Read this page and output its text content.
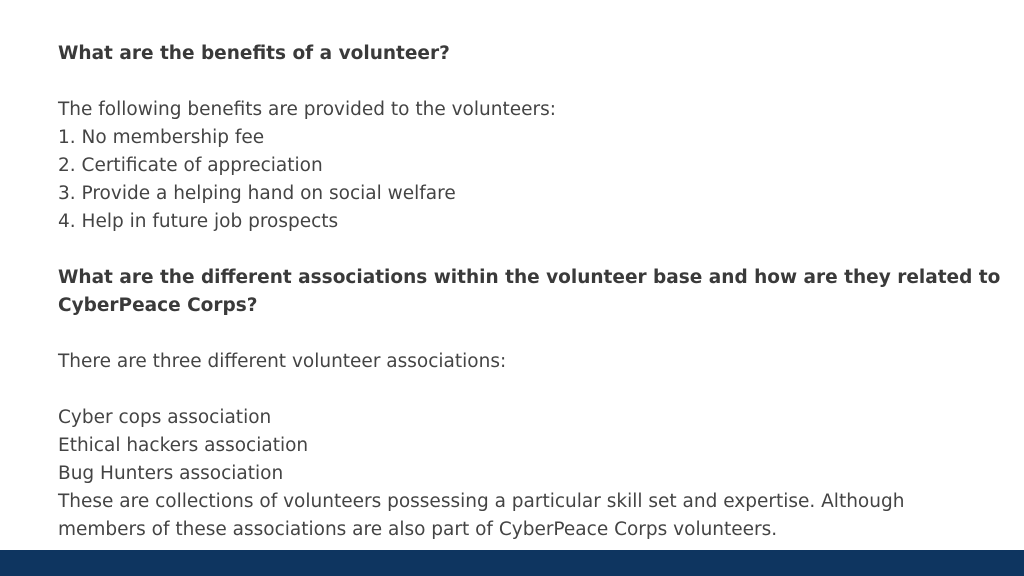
What are the benefits of a volunteer?
The following benefits are provided to the volunteers:
1. No membership fee
2. Certificate of appreciation
3. Provide a helping hand on social welfare
4. Help in future job prospects
What are the different associations within the volunteer base and how are they related to
CyberPeace Corps?
There are three different volunteer associations:
Cyber cops association
Ethical hackers association
Bug Hunters association
These are collections of volunteers possessing a particular skill set and expertise. Although
members of these associations are also part of CyberPeace Corps volunteers.
